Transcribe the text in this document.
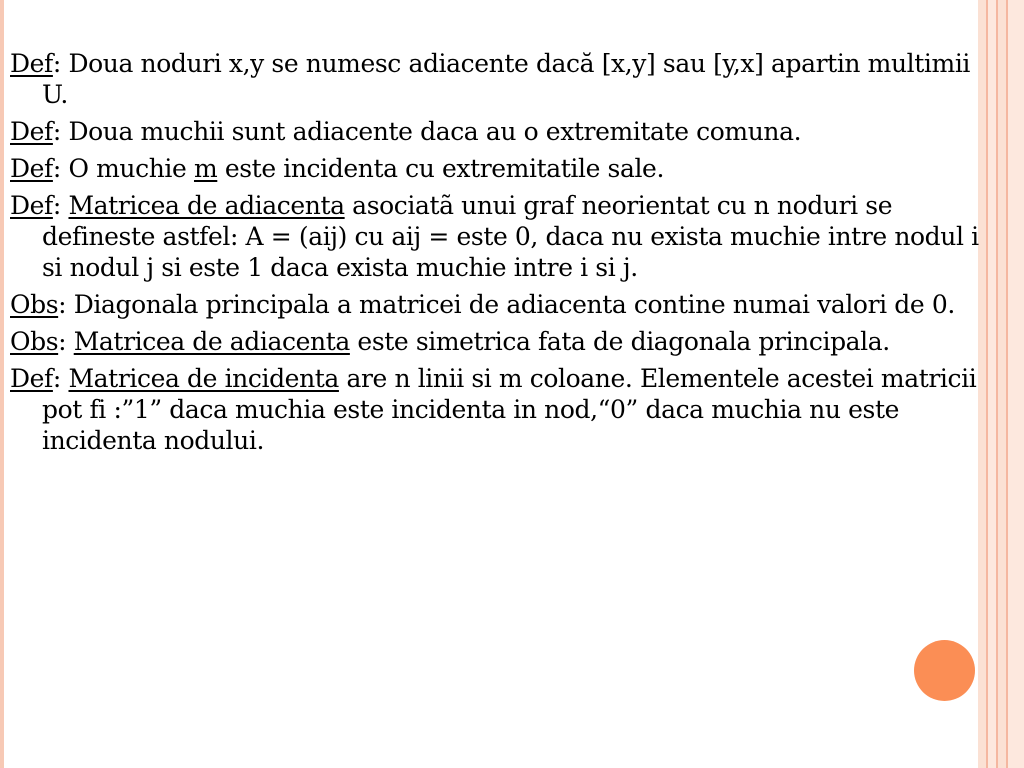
Def: Doua noduri x,y se numesc adiacente dacă [x,y] sau [y,x] apartin multimii U.

Def: Doua muchii sunt adiacente daca au o extremitate comuna.

Def: O muchie m este incidenta cu extremitatile sale.

Def: Matricea de adiacenta asociatã unui graf neorientat cu n noduri se defineste astfel: A = (aij) cu aij = este 0, daca nu exista muchie intre nodul i si nodul j si este 1 daca exista muchie intre i si j.

Obs: Diagonala principala a matricei de adiacenta contine numai valori de 0.

Obs: Matricea de adiacenta este simetrica fata de diagonala principala.

Def: Matricea de incidenta are n linii si m coloane. Elementele acestei matricii pot fi :”1” daca muchia este incidenta in nod,“0” daca muchia nu este incidenta nodului.
